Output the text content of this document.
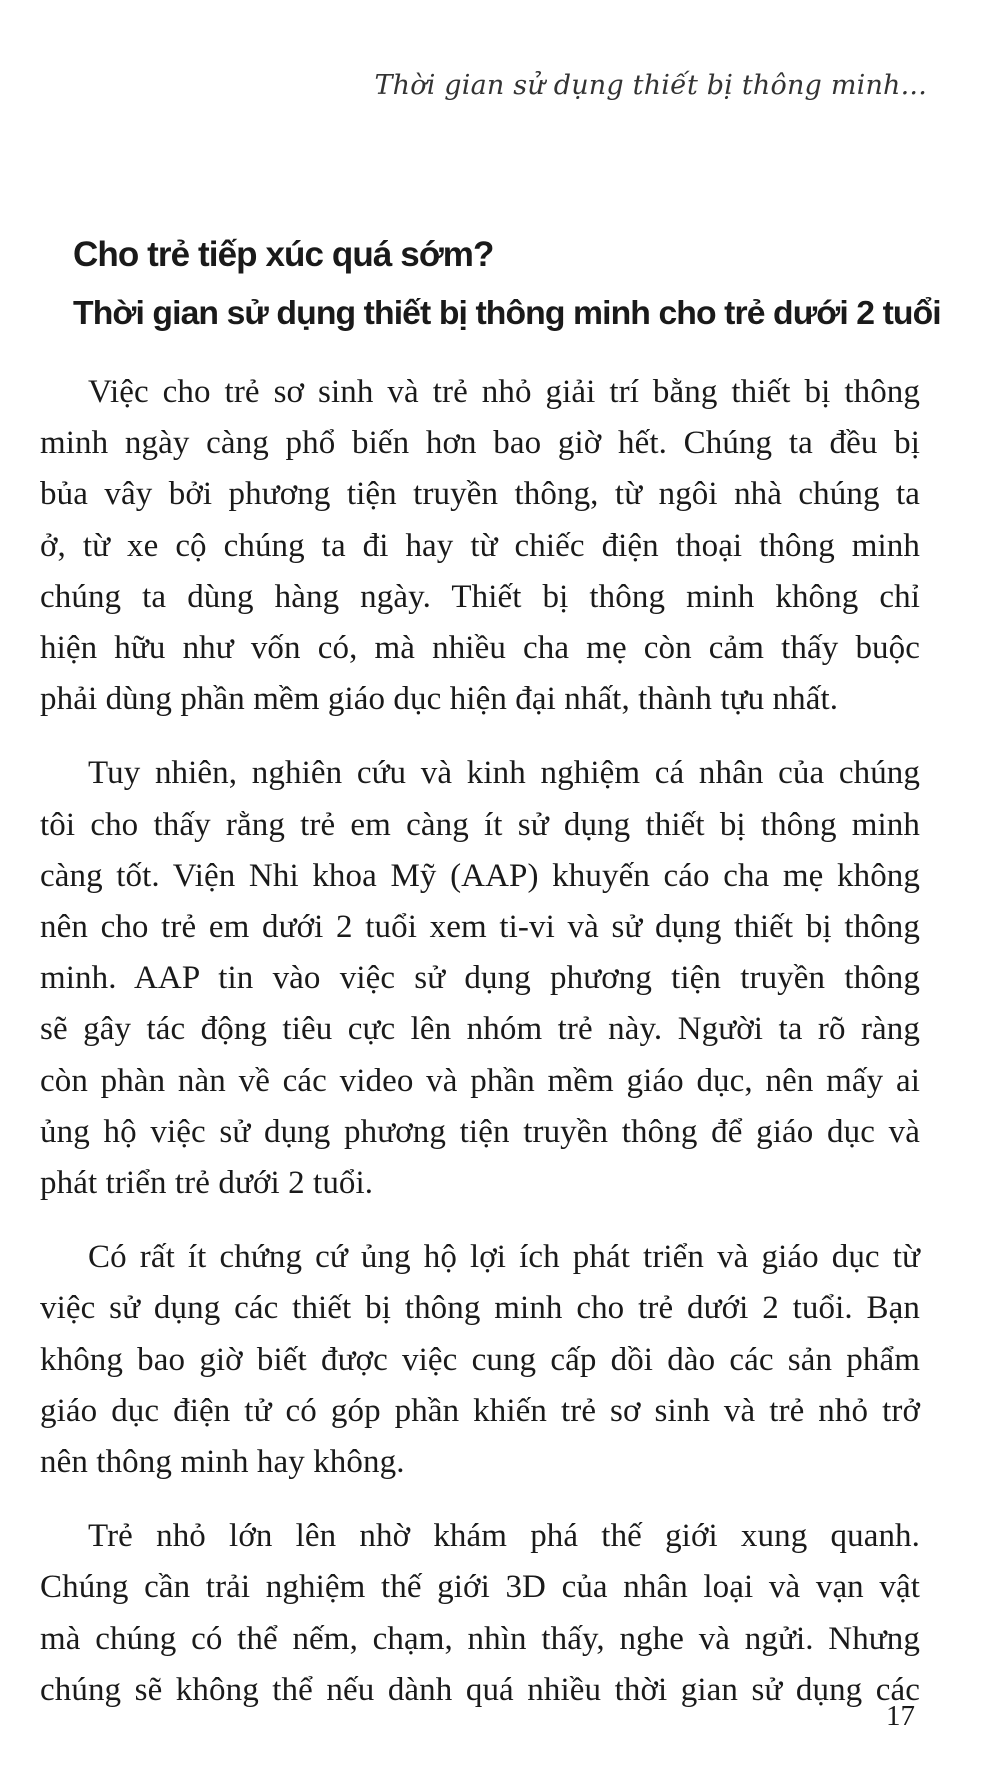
Thời gian sử dụng thiết bị thông minh...
Cho trẻ tiếp xúc quá sớm?
Thời gian sử dụng thiết bị thông minh cho trẻ dưới 2 tuổi

Việc cho trẻ sơ sinh và trẻ nhỏ giải trí bằng thiết bị thông
minh ngày càng phổ biến hơn bao giờ hết. Chúng ta đều bị
bủa vây bởi phương tiện truyền thông, từ ngôi nhà chúng ta
ở, từ xe cộ chúng ta đi hay từ chiếc điện thoại thông minh
chúng ta dùng hàng ngày. Thiết bị thông minh không chỉ
hiện hữu như vốn có, mà nhiều cha mẹ còn cảm thấy buộc
phải dùng phần mềm giáo dục hiện đại nhất, thành tựu nhất.

Tuy nhiên, nghiên cứu và kinh nghiệm cá nhân của chúng
tôi cho thấy rằng trẻ em càng ít sử dụng thiết bị thông minh
càng tốt. Viện Nhi khoa Mỹ (AAP) khuyến cáo cha mẹ không
nên cho trẻ em dưới 2 tuổi xem ti-vi và sử dụng thiết bị thông
minh. AAP tin vào việc sử dụng phương tiện truyền thông
sẽ gây tác động tiêu cực lên nhóm trẻ này. Người ta rõ ràng
còn phàn nàn về các video và phần mềm giáo dục, nên mấy ai
ủng hộ việc sử dụng phương tiện truyền thông để giáo dục và
phát triển trẻ dưới 2 tuổi.

Có rất ít chứng cứ ủng hộ lợi ích phát triển và giáo dục từ
việc sử dụng các thiết bị thông minh cho trẻ dưới 2 tuổi. Bạn
không bao giờ biết được việc cung cấp dồi dào các sản phẩm
giáo dục điện tử có góp phần khiến trẻ sơ sinh và trẻ nhỏ trở
nên thông minh hay không.

Trẻ nhỏ lớn lên nhờ khám phá thế giới xung quanh.
Chúng cần trải nghiệm thế giới 3D của nhân loại và vạn vật
mà chúng có thể nếm, chạm, nhìn thấy, nghe và ngửi. Nhưng
chúng sẽ không thể nếu dành quá nhiều thời gian sử dụng các

17
